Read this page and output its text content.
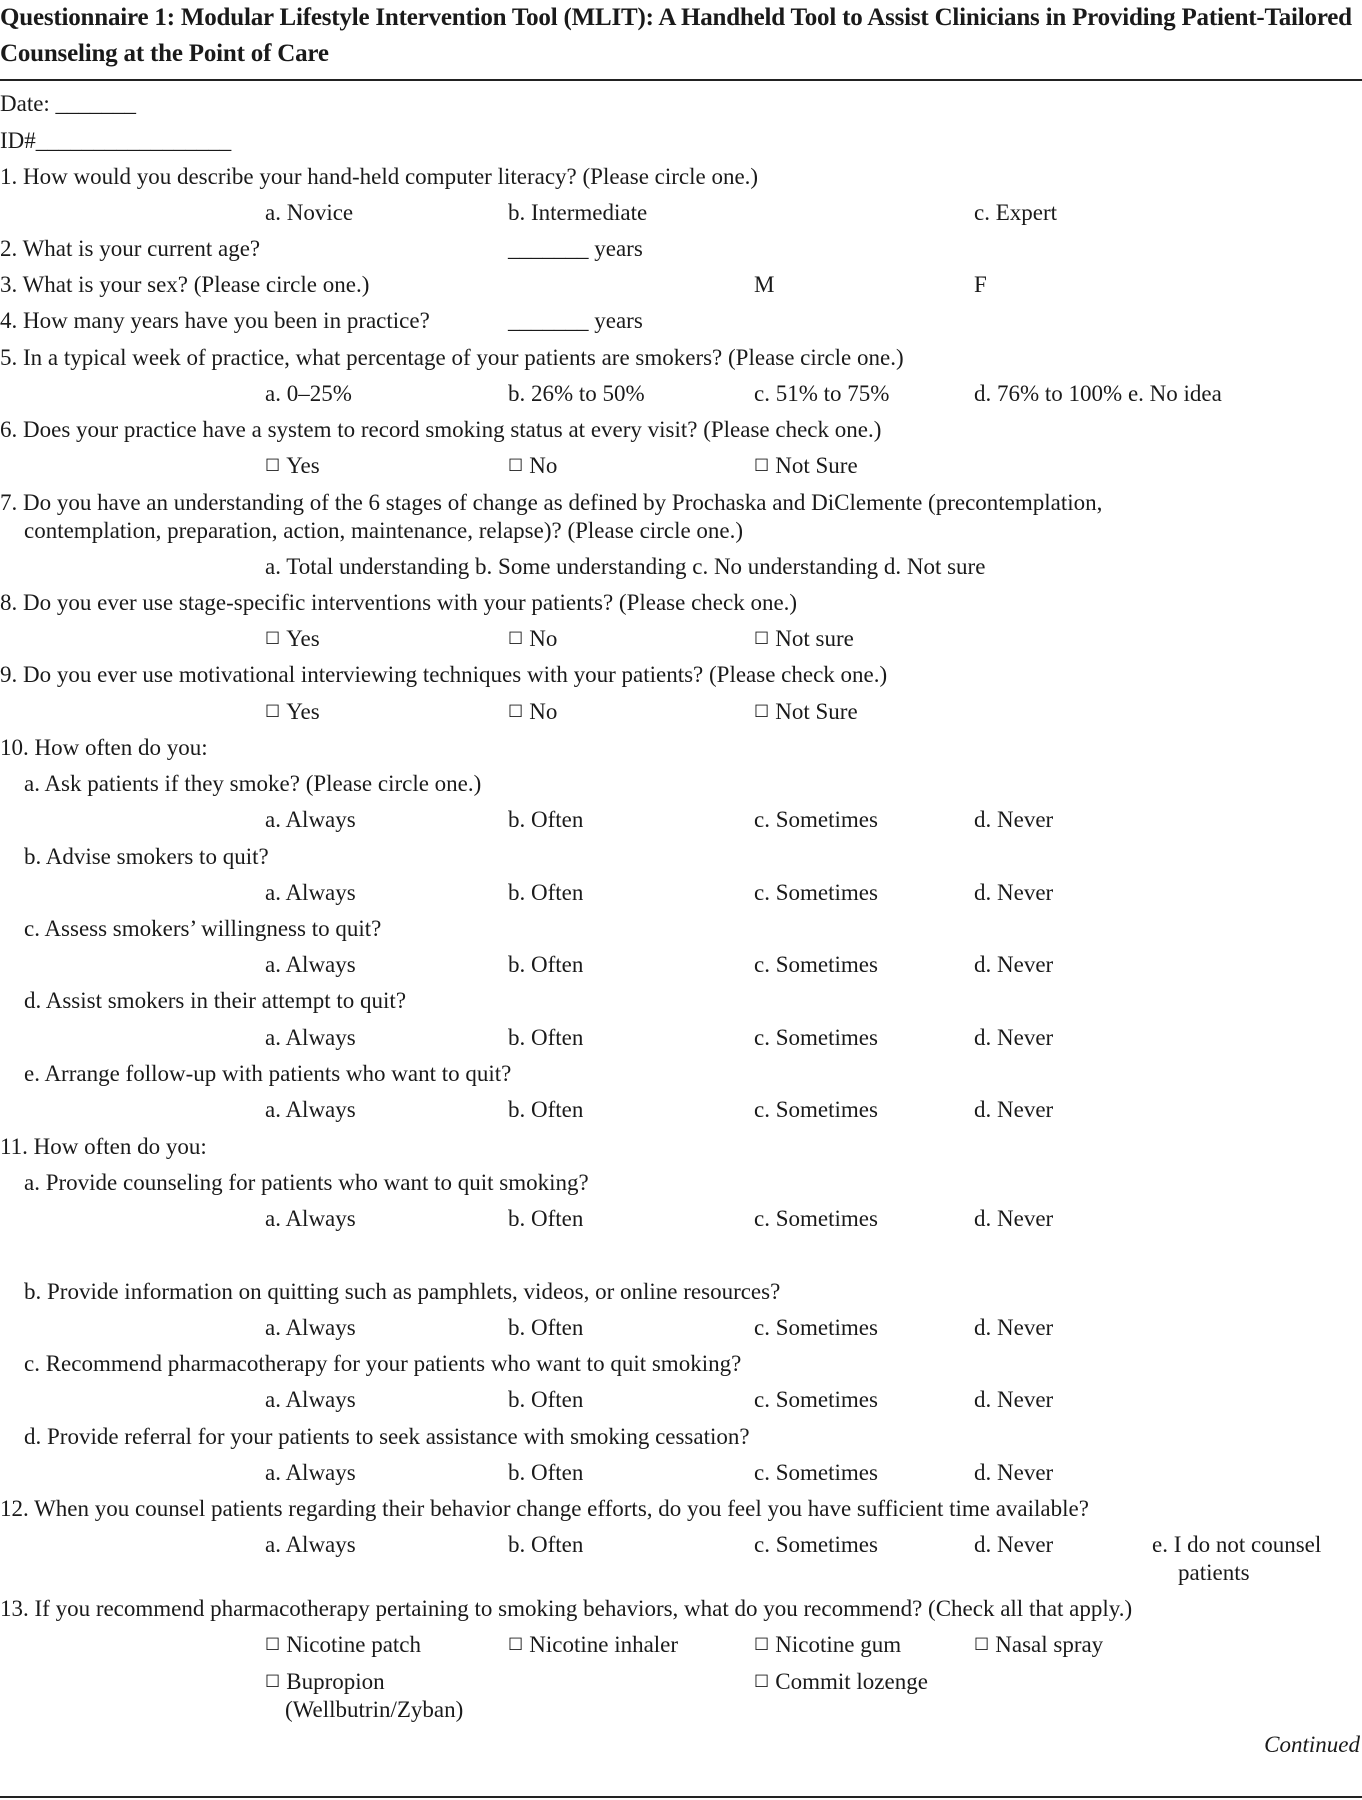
Questionnaire 1: Modular Lifestyle Intervention Tool (MLIT): A Handheld Tool to Assist Clinicians in Providing Patient-Tailored Counseling at the Point of Care
Date: _______
ID#_________________
1. How would you describe your hand-held computer literacy? (Please circle one.)
a. Novice	b. Intermediate	c. Expert
2. What is your current age?	_______ years
3. What is your sex? (Please circle one.)	M	F
4. How many years have you been in practice?	_______ years
5. In a typical week of practice, what percentage of your patients are smokers? (Please circle one.)
a. 0–25%	b. 26% to 50%	c. 51% to 75%	d. 76% to 100% e. No idea
6. Does your practice have a system to record smoking status at every visit? (Please check one.)
☐ Yes	☐ No	☐ Not Sure
7. Do you have an understanding of the 6 stages of change as defined by Prochaska and DiClemente (precontemplation,
contemplation, preparation, action, maintenance, relapse)? (Please circle one.)
a. Total understanding b. Some understanding c. No understanding d. Not sure
8. Do you ever use stage-specific interventions with your patients? (Please check one.)
☐ Yes	☐ No	☐ Not sure
9. Do you ever use motivational interviewing techniques with your patients? (Please check one.)
☐ Yes	☐ No	☐ Not Sure
10. How often do you:
a. Ask patients if they smoke? (Please circle one.)
a. Always	b. Often	c. Sometimes	d. Never
b. Advise smokers to quit?
a. Always	b. Often	c. Sometimes	d. Never
c. Assess smokers’ willingness to quit?
a. Always	b. Often	c. Sometimes	d. Never
d. Assist smokers in their attempt to quit?
a. Always	b. Often	c. Sometimes	d. Never
e. Arrange follow-up with patients who want to quit?
a. Always	b. Often	c. Sometimes	d. Never
11. How often do you:
a. Provide counseling for patients who want to quit smoking?
a. Always	b. Often	c. Sometimes	d. Never
b. Provide information on quitting such as pamphlets, videos, or online resources?
a. Always	b. Often	c. Sometimes	d. Never
c. Recommend pharmacotherapy for your patients who want to quit smoking?
a. Always	b. Often	c. Sometimes	d. Never
d. Provide referral for your patients to seek assistance with smoking cessation?
a. Always	b. Often	c. Sometimes	d. Never
12. When you counsel patients regarding their behavior change efforts, do you feel you have sufficient time available?
a. Always	b. Often	c. Sometimes	d. Never	e. I do not counsel
patients
13. If you recommend pharmacotherapy pertaining to smoking behaviors, what do you recommend? (Check all that apply.)
☐ Nicotine patch	☐ Nicotine inhaler	☐ Nicotine gum	☐ Nasal spray
☐ Bupropion
(Wellbutrin/Zyban)
☐ Commit lozenge
Continued
